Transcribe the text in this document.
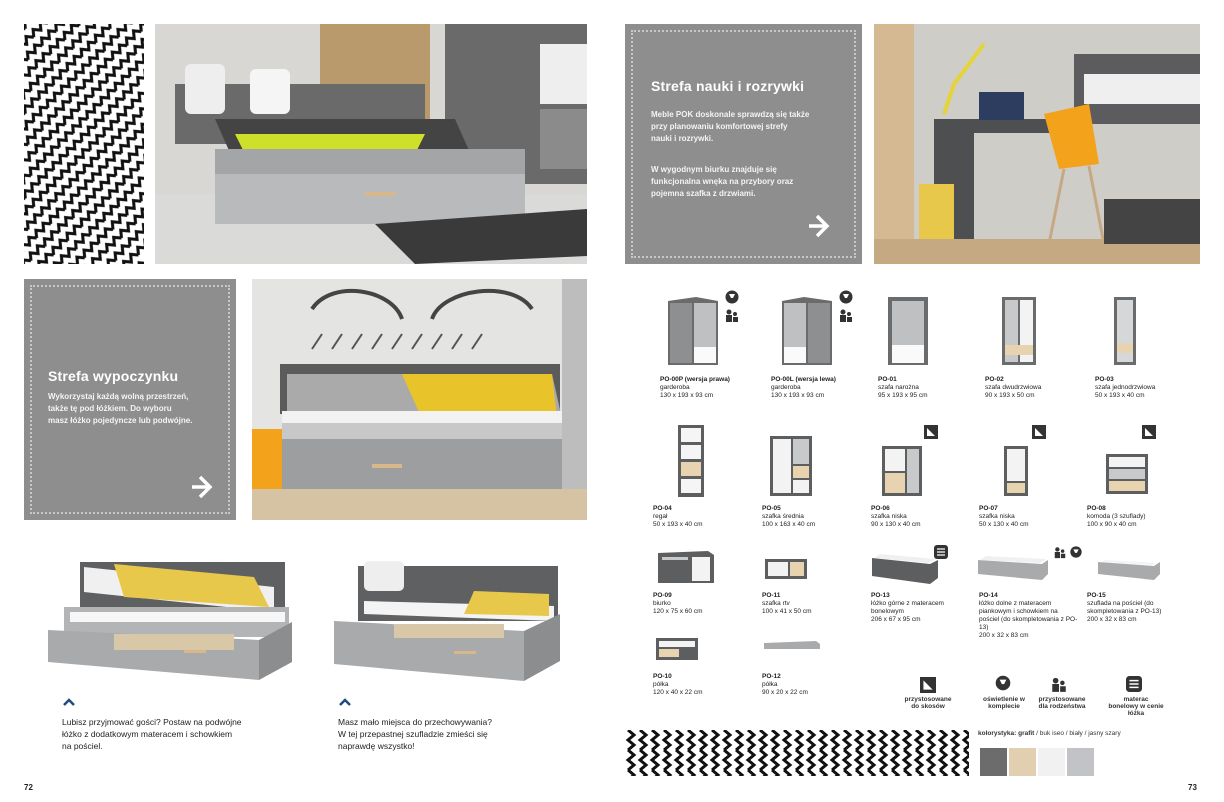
Strefa wypoczynku

Wykorzystaj każdą wolną przestrzeń,
także tę pod łóżkiem. Do wyboru
masz łóżko pojedyncze lub podwójne.

Lubisz przyjmować gości? Postaw na podwójne
łóżko z dodatkowym materacem i schowkiem
na pościel.
Masz mało miejsca do przechowywania?
W tej przepastnej szufladzie zmieści się
naprawdę wszystko!
72
Strefa nauki i rozrywki

Meble POK doskonale sprawdzą się także
przy planowaniu komfortowej strefy
nauki i rozrywki.

W wygodnym biurku znajduje się
funkcjonalna wnęka na przybory oraz
pojemna szafka z drzwiami.

PO-00P (wersja prawa)
garderoba
130 x 193 x 93 cm
PO-00L (wersja lewa)
garderoba
130 x 193 x 93 cm
PO-01
szafa narożna
95 x 193 x 95 cm
PO-02
szafa dwudrzwiowa
90 x 193 x 50 cm
PO-03
szafa jednodrzwiowa
50 x 193 x 40 cm
PO-04
regał
50 x 193 x 40 cm
PO-05
szafka średnia
100 x 163 x 40 cm
PO-06
szafka niska
90 x 130 x 40 cm
PO-07
szafka niska
50 x 130 x 40 cm
PO-08
komoda (3 szuflady)
100 x 90 x 40 cm
PO-09
biurko
120 x 75 x 60 cm
PO-11
szafka rtv
100 x 41 x 50 cm
PO-13
łóżko górne z materacem bonelowym
206 x 67 x 95 cm
PO-14
łóżko dolne z materacem piankowym i schowkiem na pościel (do skompletowania z PO-13)
200 x 32 x 83 cm
PO-15
szuflada na pościel (do skompletowania z PO-13)
200 x 32 x 83 cm
PO-10
półka
120 x 40 x 22 cm
PO-12
półka
90 x 20 x 22 cm
przystosowane do skosów
oświetlenie w komplecie
przystosowane dla rodzeństwa
materac bonelowy w cenie łóżka
kolorystyka: grafit / buk iseo / biały / jasny szary
73
